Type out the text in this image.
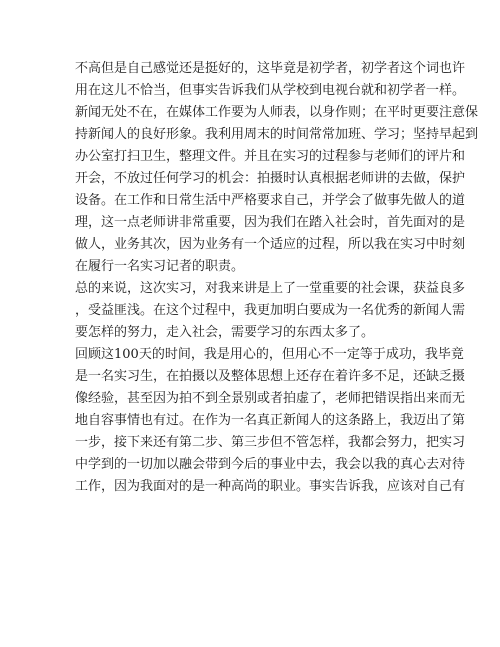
不高但是自己感觉还是挺好的，这毕竟是初学者，初学者这个词也许
用在这儿不恰当，但事实告诉我们从学校到电视台就和初学者一样。
新闻无处不在，在媒体工作要为人师表，以身作则；在平时更要注意保
持新闻人的良好形象。我利用周末的时间常常加班、学习；坚持早起到
办公室打扫卫生，整理文件。并且在实习的过程参与老师们的评片和
开会，不放过任何学习的机会：拍摄时认真根据老师讲的去做，保护
设备。在工作和日常生活中严格要求自己，并学会了做事先做人的道
理，这一点老师讲非常重要，因为我们在踏入社会时，首先面对的是
做人，业务其次，因为业务有一个适应的过程，所以我在实习中时刻
在履行一名实习记者的职责。
总的来说，这次实习，对我来讲是上了一堂重要的社会课，获益良多
，受益匪浅。在这个过程中，我更加明白要成为一名优秀的新闻人需
要怎样的努力，走入社会，需要学习的东西太多了。
回顾这100天的时间，我是用心的，但用心不一定等于成功，我毕竟
是一名实习生，在拍摄以及整体思想上还存在着许多不足，还缺乏摄
像经验，甚至因为拍不到全景别或者拍虚了，老师把错误指出来而无
地自容事情也有过。在作为一名真正新闻人的这条路上，我迈出了第
一步，接下来还有第二步、第三步但不管怎样，我都会努力，把实习
中学到的一切加以融会带到今后的事业中去，我会以我的真心去对待
工作，因为我面对的是一种高尚的职业。事实告诉我，应该对自己有
